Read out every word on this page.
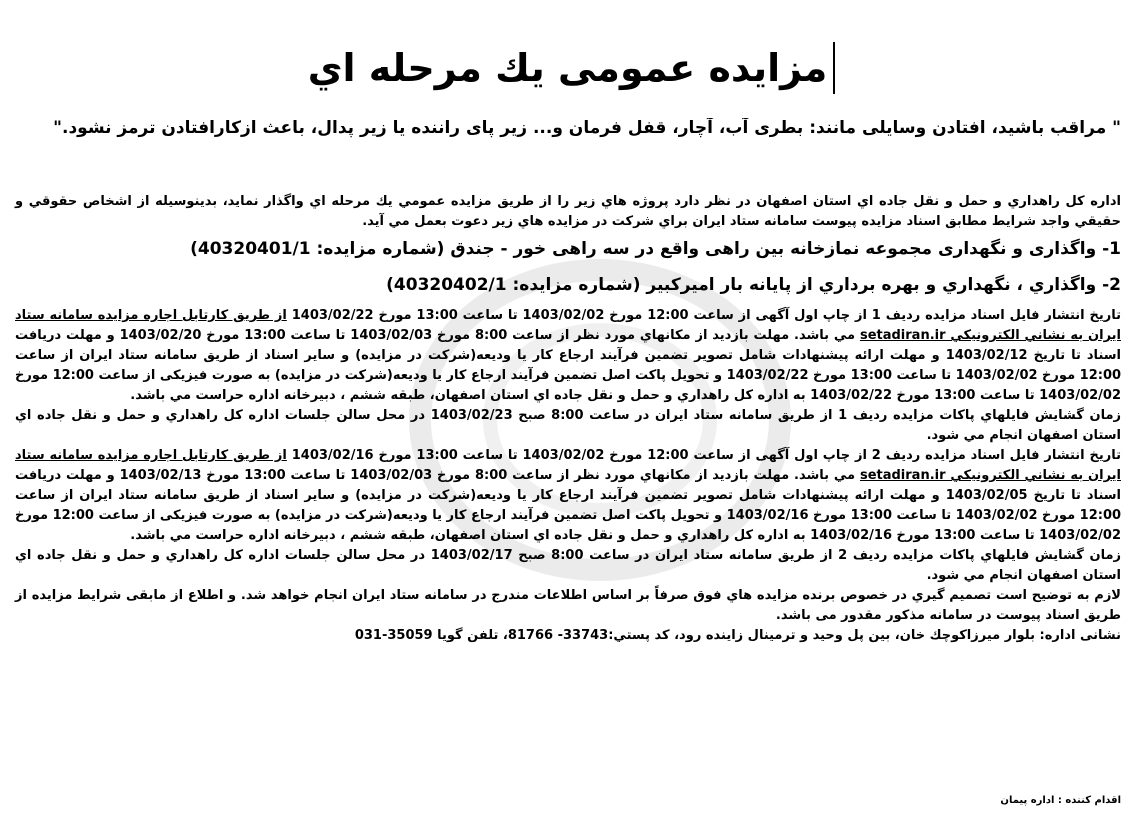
مزايده عمومی يك مرحله اي
" مراقب باشيد، افتادن وسايلی مانند: بطری آب، آچار، قفل فرمان و... زير پای راننده يا زير پدال، باعث ازكارافتادن ترمز نشود."

اداره كل راهداري و حمل و نقل جاده اي استان اصفهان در نظر دارد پروژه هاي زير را از طريق مزايده عمومي يك مرحله اي واگذار نمايد، بدينوسيله از اشخاص حقوقي و حقيقي واجد شرايط مطابق اسناد مزايده پيوست سامانه ستاد ايران براي شركت در مزايده هاي زير دعوت بعمل مي آيد.

1- واگذاری و نگهداری مجموعه نمازخانه بين راهی واقع در سه راهی خور - جندق (شماره مزايده: 40320401/1)

2- واگذاري ، نگهداري و بهره برداري از پايانه بار اميركبير (شماره مزايده: 40320402/1)

تاريخ انتشار فايل اسناد مزايده رديف 1 از چاپ اول آگهی از ساعت 12:00 مورخ 1403/02/02 تا ساعت 13:00 مورخ 1403/02/22 از طريق كارتابل اجاره مزايده سامانه ستاد ايران به نشاني الكترونيكي setadiran.ir مي باشد. مهلت بازديد از مكانهاي مورد نظر از ساعت 8:00 مورخ 1403/02/03 تا ساعت 13:00 مورخ 1403/02/20 و مهلت دريافت اسناد تا تاريخ 1403/02/12 و مهلت ارائه پيشنهادات شامل تصوير تضمين فرآيند ارجاع كار يا وديعه(شركت در مزايده) و ساير اسناد از طريق سامانه ستاد ايران از ساعت 12:00 مورخ 1403/02/02 تا ساعت 13:00 مورخ 1403/02/22 و تحويل پاكت اصل تضمين فرآيند ارجاع كار يا وديعه(شركت در مزايده) به صورت فيزيكی از ساعت 12:00 مورخ 1403/02/02 تا ساعت 13:00 مورخ 1403/02/22 به اداره كل راهداري و حمل و نقل جاده اي استان اصفهان، طبقه ششم ، دبيرخانه اداره حراست مي باشد.

زمان گشايش فايلهاي پاكات مزايده رديف 1 از طريق سامانه ستاد ايران در ساعت 8:00 صبح 1403/02/23 در محل سالن جلسات اداره كل راهداري و حمل و نقل جاده اي استان اصفهان انجام مي شود.

تاريخ انتشار فايل اسناد مزايده رديف 2 از چاپ اول آگهی از ساعت 12:00 مورخ 1403/02/02 تا ساعت 13:00 مورخ 1403/02/16 از طريق كارتابل اجاره مزايده سامانه ستاد ايران به نشاني الكترونيكي setadiran.ir مي باشد. مهلت بازديد از مكانهاي مورد نظر از ساعت 8:00 مورخ 1403/02/03 تا ساعت 13:00 مورخ 1403/02/13 و مهلت دريافت اسناد تا تاريخ 1403/02/05 و مهلت ارائه پيشنهادات شامل تصوير تضمين فرآيند ارجاع كار يا وديعه(شركت در مزايده) و ساير اسناد از طريق سامانه ستاد ايران از ساعت 12:00 مورخ 1403/02/02 تا ساعت 13:00 مورخ 1403/02/16 و تحويل پاكت اصل تضمين فرآيند ارجاع كار يا وديعه(شركت در مزايده) به صورت فيزيكی از ساعت 12:00 مورخ 1403/02/02 تا ساعت 13:00 مورخ 1403/02/16 به اداره كل راهداري و حمل و نقل جاده اي استان اصفهان، طبقه ششم ، دبيرخانه اداره حراست مي باشد.

زمان گشايش فايلهاي پاكات مزايده رديف 2 از طريق سامانه ستاد ايران در ساعت 8:00 صبح 1403/02/17 در محل سالن جلسات اداره كل راهداري و حمل و نقل جاده اي استان اصفهان انجام مي شود.

لازم به توضيح است تصميم گيري در خصوص برنده مزايده هاي فوق صرفاً بر اساس اطلاعات مندرج در سامانه ستاد ايران انجام خواهد شد. و اطلاع از مابقی شرايط مزايده از طريق اسناد پيوست در سامانه مذكور مقدور می باشد.

نشانی اداره: بلوار ميرزاكوچك خان، بين پل وحيد و ترمينال زاينده رود، كد پستي:33743- 81766، تلفن گويا 35059-031

اقدام كننده : اداره پيمان
